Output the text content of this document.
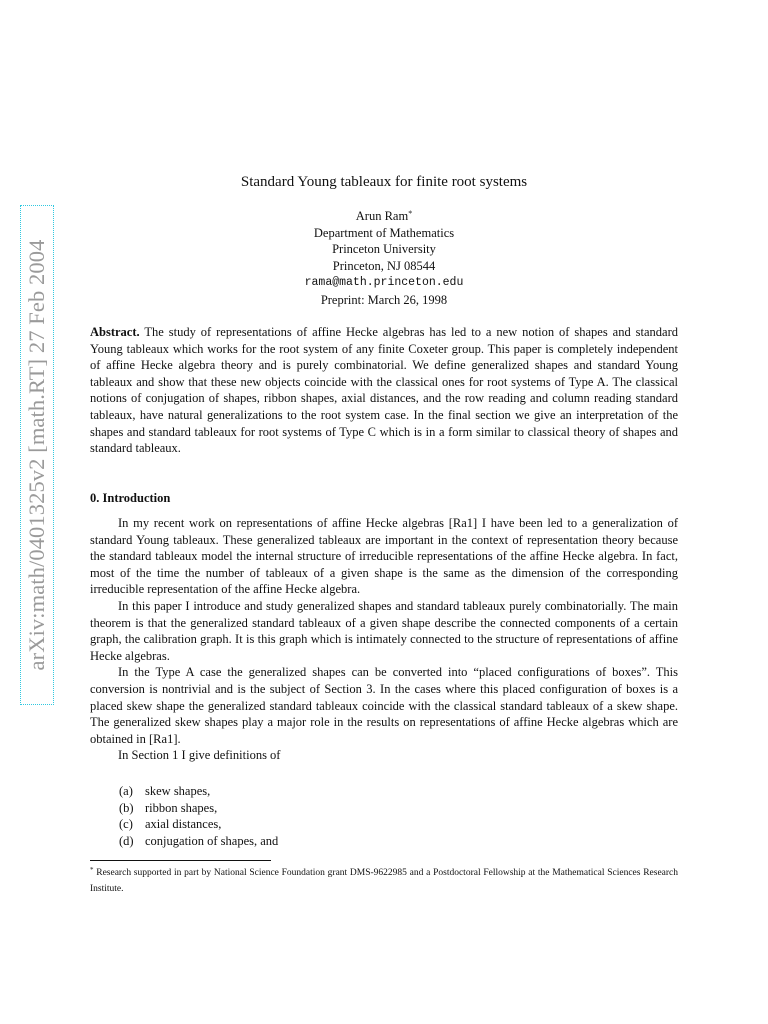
arXiv:math/0401325v2 [math.RT] 27 Feb 2004
Standard Young tableaux for finite root systems
Arun Ram*
Department of Mathematics
Princeton University
Princeton, NJ 08544
rama@math.princeton.edu
Preprint: March 26, 1998
Abstract. The study of representations of affine Hecke algebras has led to a new notion of shapes and standard Young tableaux which works for the root system of any finite Coxeter group. This paper is completely independent of affine Hecke algebra theory and is purely combinatorial. We define generalized shapes and standard Young tableaux and show that these new objects coincide with the classical ones for root systems of Type A. The classical notions of conjugation of shapes, ribbon shapes, axial distances, and the row reading and column reading standard tableaux, have natural generalizations to the root system case. In the final section we give an interpretation of the shapes and standard tableaux for root systems of Type C which is in a form similar to classical theory of shapes and standard tableaux.
0. Introduction

In my recent work on representations of affine Hecke algebras [Ra1] I have been led to a generalization of standard Young tableaux. These generalized tableaux are important in the context of representation theory because the standard tableaux model the internal structure of irreducible representations of the affine Hecke algebra. In fact, most of the time the number of tableaux of a given shape is the same as the dimension of the corresponding irreducible representation of the affine Hecke algebra.

In this paper I introduce and study generalized shapes and standard tableaux purely combinatorially. The main theorem is that the generalized standard tableaux of a given shape describe the connected components of a certain graph, the calibration graph. It is this graph which is intimately connected to the structure of representations of affine Hecke algebras.

In the Type A case the generalized shapes can be converted into “placed configurations of boxes”. This conversion is nontrivial and is the subject of Section 3. In the cases where this placed configuration of boxes is a placed skew shape the generalized standard tableaux coincide with the classical standard tableaux of a skew shape. The generalized skew shapes play a major role in the results on representations of affine Hecke algebras which are obtained in [Ra1].

In Section 1 I give definitions of

(a) skew shapes,
(b) ribbon shapes,
(c) axial distances,
(d) conjugation of shapes, and
* Research supported in part by National Science Foundation grant DMS-9622985 and a Postdoctoral Fellowship at the Mathematical Sciences Research Institute.
